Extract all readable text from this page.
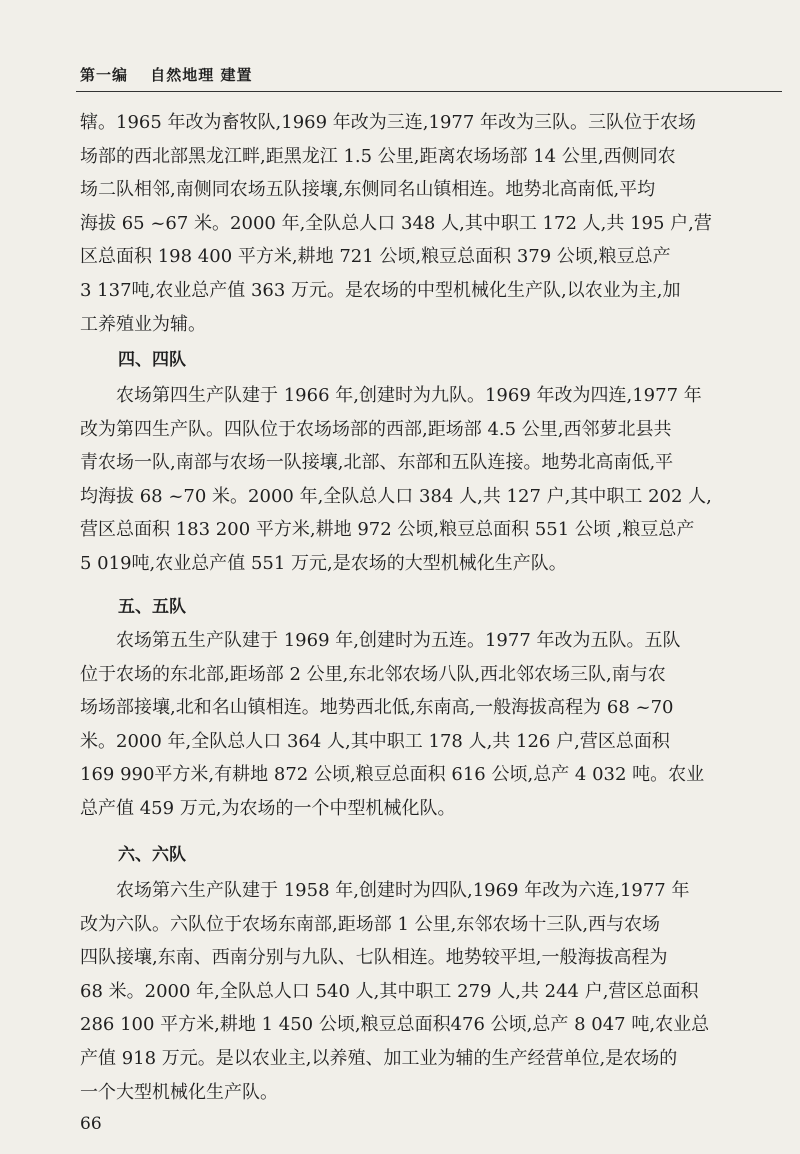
第一编 自然地理 建置

辖。1965 年改为畜牧队,1969 年改为三连,1977 年改为三队。三队位于农场
场部的西北部黑龙江畔,距黑龙江 1.5 公里,距离农场场部 14 公里,西侧同农
场二队相邻,南侧同农场五队接壤,东侧同名山镇相连。地势北高南低,平均
海拔 65 ~67 米。2000 年,全队总人口 348 人,其中职工 172 人,共 195 户,营
区总面积 198 400 平方米,耕地 721 公顷,粮豆总面积 379 公顷,粮豆总产
3 137吨,农业总产值 363 万元。是农场的中型机械化生产队,以农业为主,加
工养殖业为辅。

四、四队

　　农场第四生产队建于 1966 年,创建时为九队。1969 年改为四连,1977 年
改为第四生产队。四队位于农场场部的西部,距场部 4.5 公里,西邻萝北县共
青农场一队,南部与农场一队接壤,北部、东部和五队连接。地势北高南低,平
均海拔 68 ~70 米。2000 年,全队总人口 384 人,共 127 户,其中职工 202 人,
营区总面积 183 200 平方米,耕地 972 公顷,粮豆总面积 551 公顷 ,粮豆总产
5 019吨,农业总产值 551 万元,是农场的大型机械化生产队。

五、五队

　　农场第五生产队建于 1969 年,创建时为五连。1977 年改为五队。五队
位于农场的东北部,距场部 2 公里,东北邻农场八队,西北邻农场三队,南与农
场场部接壤,北和名山镇相连。地势西北低,东南高,一般海拔高程为 68 ~70
米。2000 年,全队总人口 364 人,其中职工 178 人,共 126 户,营区总面积
169 990平方米,有耕地 872 公顷,粮豆总面积 616 公顷,总产 4 032 吨。农业
总产值 459 万元,为农场的一个中型机械化队。

六、六队

　　农场第六生产队建于 1958 年,创建时为四队,1969 年改为六连,1977 年
改为六队。六队位于农场东南部,距场部 1 公里,东邻农场十三队,西与农场
四队接壤,东南、西南分别与九队、七队相连。地势较平坦,一般海拔高程为
68 米。2000 年,全队总人口 540 人,其中职工 279 人,共 244 户,营区总面积
286 100 平方米,耕地 1 450 公顷,粮豆总面积476 公顷,总产 8 047 吨,农业总
产值 918 万元。是以农业主,以养殖、加工业为辅的生产经营单位,是农场的
一个大型机械化生产队。

66
